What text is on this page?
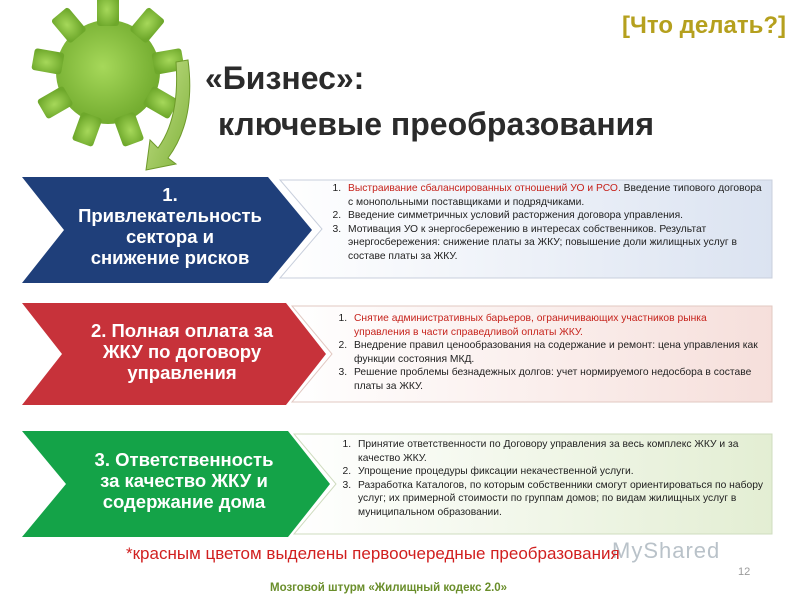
[Что делать?]
«Бизнес»:
ключевые преобразования
1.
Привлекательность
сектора и
снижение рисков
2. Полная оплата за
ЖКУ по договору
управления
3. Ответственность
за качество ЖКУ и
содержание дома
1. Выстраивание сбалансированных отношений УО и РСО. Введение типового договора с монопольными поставщиками и подрядчиками.
2. Введение симметричных условий расторжения договора управления.
3. Мотивация УО к энергосбережению в интересах собственников. Результат энергосбережения: снижение платы за ЖКУ; повышение доли жилищных услуг в составе платы за ЖКУ.
1. Снятие административных барьеров, ограничивающих участников рынка управления в части справедливой оплаты ЖКУ.
2. Внедрение правил ценообразования на содержание и ремонт: цена управления как функции состояния МКД.
3. Решение проблемы безнадежных долгов: учет нормируемого недосбора в составе платы за ЖКУ.
1. Принятие ответственности по Договору управления за весь комплекс ЖКУ и за качество ЖКУ.
2. Упрощение процедуры фиксации некачественной услуги.
3. Разработка Каталогов, по которым собственники смогут ориентироваться по набору услуг; их примерной стоимости по группам домов; по видам жилищных услуг в муниципальном образовании.
MyShared
*красным цветом выделены первоочередные преобразования
12
Мозговой штурм «Жилищный кодекс 2.0»
